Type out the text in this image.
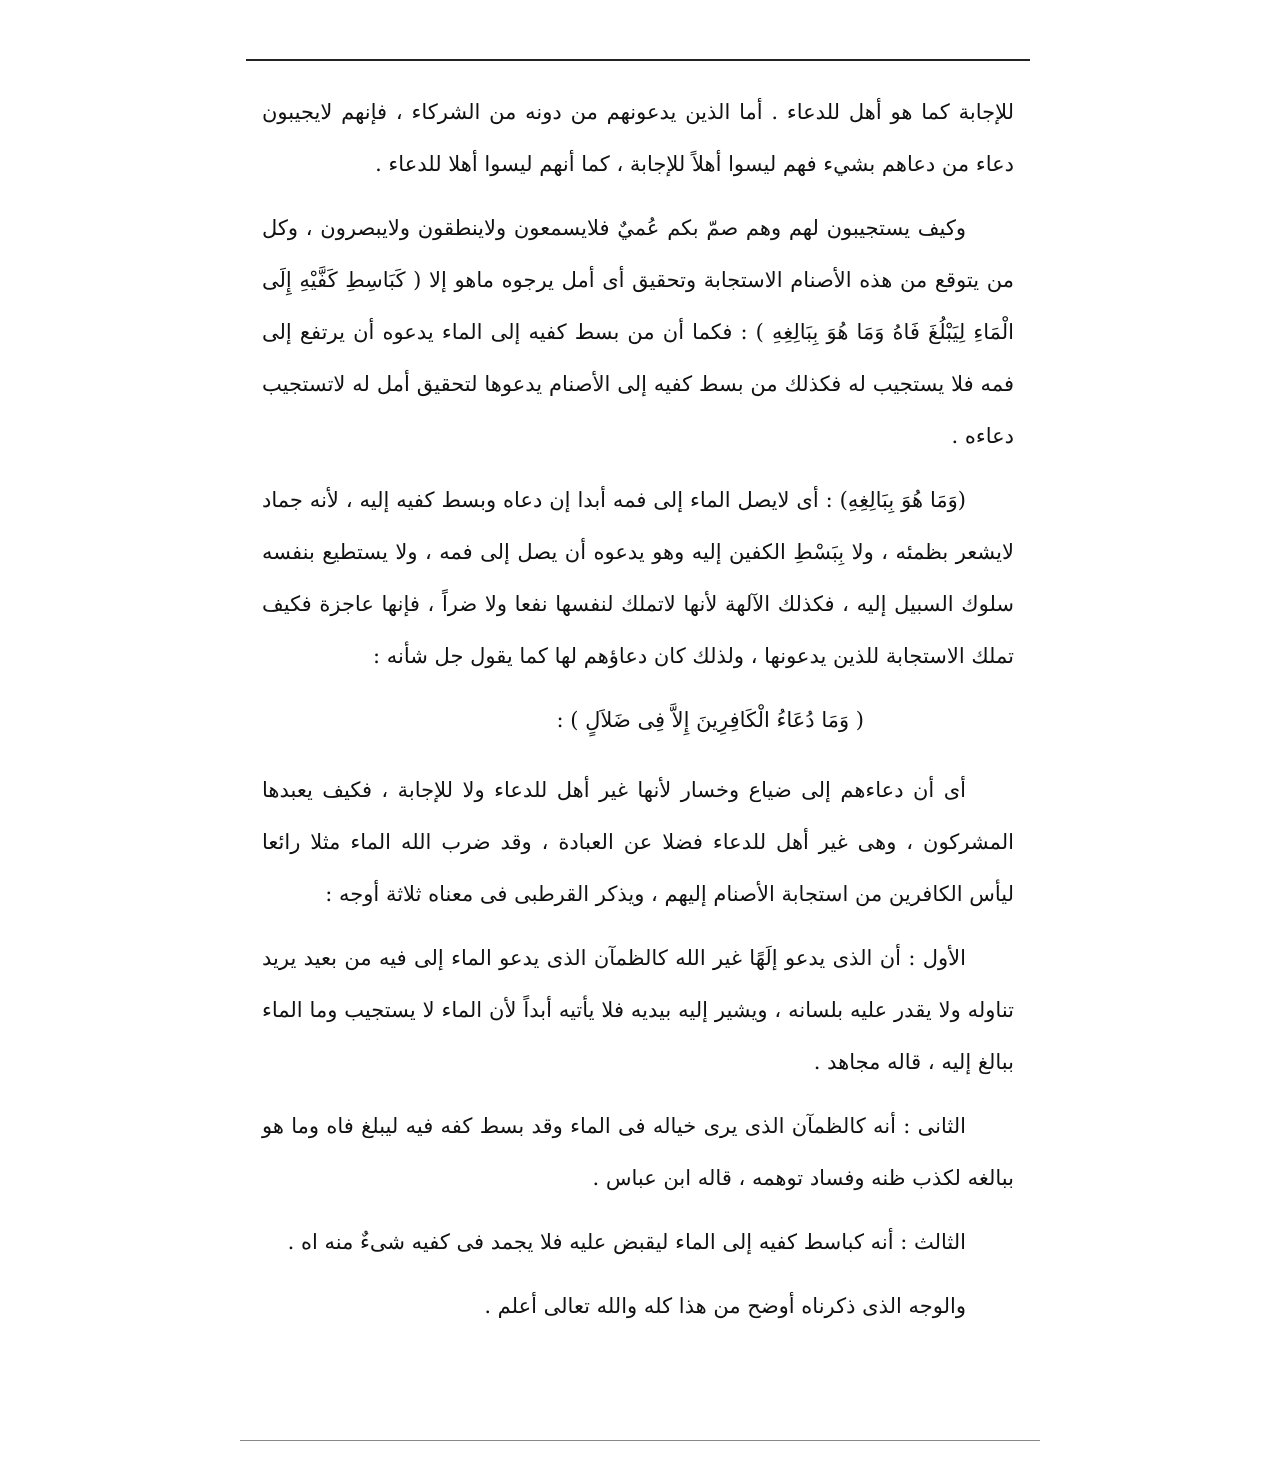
للإجابة كما هو أهل للدعاء . أما الذين يدعونهم من دونه من الشركاء ، فإنهم لايجيبون دعاء من دعاهم بشيء فهم ليسوا أهلاً للإجابة ، كما أنهم ليسوا أهلا للدعاء .

وكيف يستجيبون لهم وهم صمّ بكم عُميٌ فلايسمعون ولاينطقون ولايبصرون ، وكل من يتوقع من هذه الأصنام الاستجابة وتحقيق أى أمل يرجوه ماهو إلا ( كَبَاسِطِ كَفَّيْهِ إِلَى الْمَاءِ لِيَبْلُغَ فَاهُ وَمَا هُوَ بِبَالِغِهِ ) : فكما أن من بسط كفيه إلى الماء يدعوه أن يرتفع إلى فمه فلا يستجيب له فكذلك من بسط كفيه إلى الأصنام يدعوها لتحقيق أمل له لاتستجيب دعاءه .

(وَمَا هُوَ بِبَالِغِهِ) : أى لايصل الماء إلى فمه أبدا إن دعاه وبسط كفيه إليه ، لأنه جماد لايشعر بظمئه ، ولا بِبَسْطِ الكفين إليه وهو يدعوه أن يصل إلى فمه ، ولا يستطيع بنفسه سلوك السبيل إليه ، فكذلك الآلهة لأنها لاتملك لنفسها نفعا ولا ضراً ، فإنها عاجزة فكيف تملك الاستجابة للذين يدعونها ، ولذلك كان دعاؤهم لها كما يقول جل شأنه :

( وَمَا دُعَاءُ الْكَافِرِينَ إِلاَّ فِى ضَلاَلٍ ) :

أى أن دعاءهم إلى ضياع وخسار لأنها غير أهل للدعاء ولا للإجابة ، فكيف يعبدها المشركون ، وهى غير أهل للدعاء فضلا عن العبادة ، وقد ضرب الله الماء مثلا رائعا ليأس الكافرين من استجابة الأصنام إليهم ، ويذكر القرطبى فى معناه ثلاثة أوجه :

الأول : أن الذى يدعو إلَهًا غير الله كالظمآن الذى يدعو الماء إلى فيه من بعيد يريد تناوله ولا يقدر عليه بلسانه ، ويشير إليه بيديه فلا يأتيه أبداً لأن الماء لا يستجيب وما الماء ببالغ إليه ، قاله مجاهد .

الثانى : أنه كالظمآن الذى يرى خياله فى الماء وقد بسط كفه فيه ليبلغ فاه وما هو ببالغه لكذب ظنه وفساد توهمه ، قاله ابن عباس .

الثالث : أنه كباسط كفيه إلى الماء ليقبض عليه فلا يجمد فى كفيه شىءٌ منه اه .

والوجه الذى ذكرناه أوضح من هذا كله والله تعالى أعلم .
